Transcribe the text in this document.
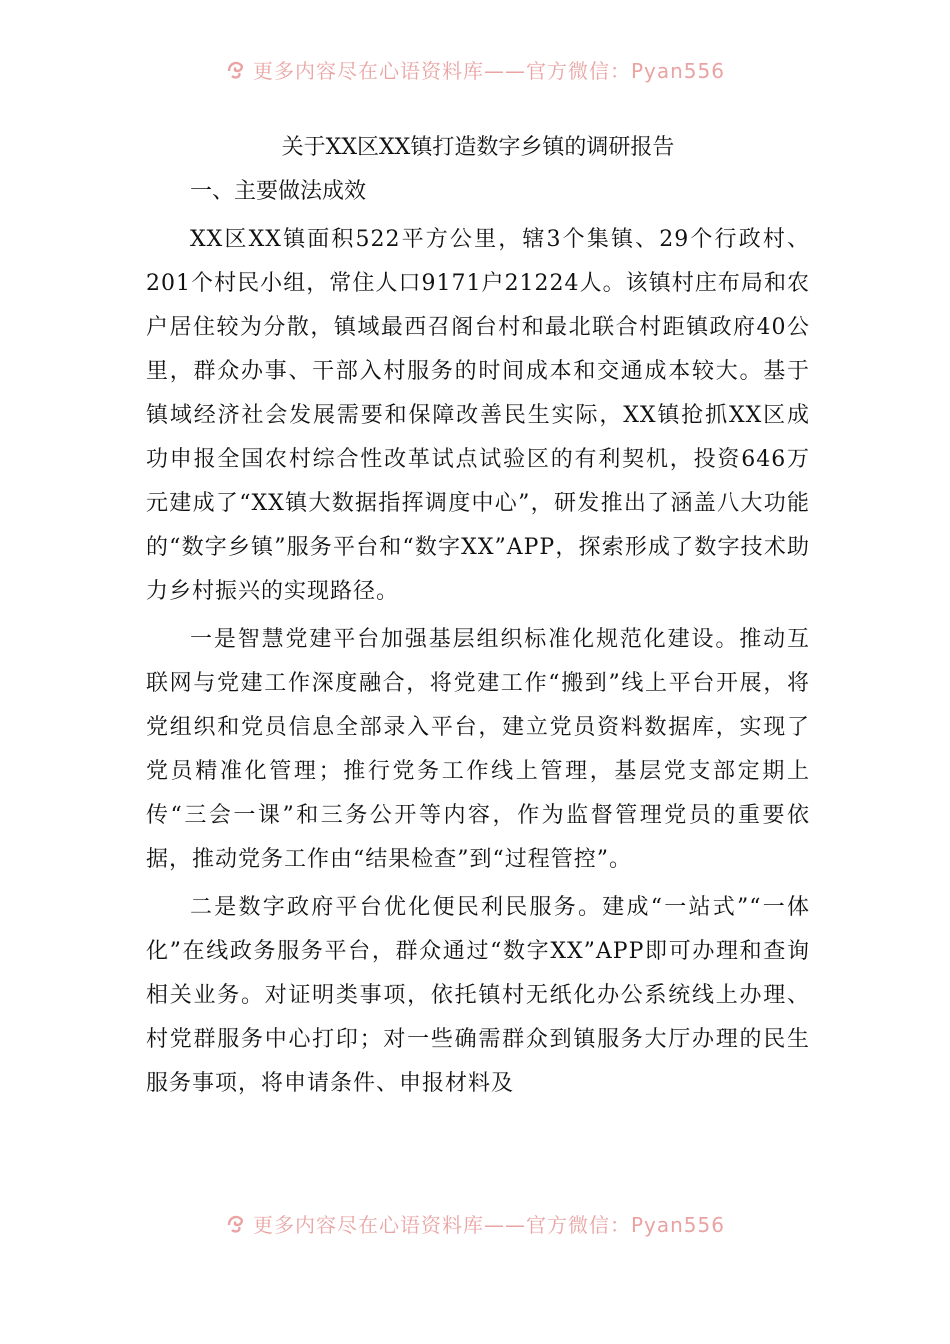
更多内容尽在心语资料库——官方微信：Pyan556
关于XX区XX镇打造数字乡镇的调研报告

一、主要做法成效

XX区XX镇面积522平方公里，辖3个集镇、29个行政村、201个村民小组，常住人口9171户21224人。该镇村庄布局和农户居住较为分散，镇域最西召阁台村和最北联合村距镇政府40公里，群众办事、干部入村服务的时间成本和交通成本较大。基于镇域经济社会发展需要和保障改善民生实际，XX镇抢抓XX区成功申报全国农村综合性改革试点试验区的有利契机，投资646万元建成了“XX镇大数据指挥调度中心”，研发推出了涵盖八大功能的“数字乡镇”服务平台和“数字XX”APP，探索形成了数字技术助力乡村振兴的实现路径。

一是智慧党建平台加强基层组织标准化规范化建设。推动互联网与党建工作深度融合，将党建工作“搬到”线上平台开展，将党组织和党员信息全部录入平台，建立党员资料数据库，实现了党员精准化管理；推行党务工作线上管理，基层党支部定期上传“三会一课”和三务公开等内容，作为监督管理党员的重要依据，推动党务工作由“结果检查”到“过程管控”。

二是数字政府平台优化便民利民服务。建成“一站式”“一体化”在线政务服务平台，群众通过“数字XX”APP即可办理和查询相关业务。对证明类事项，依托镇村无纸化办公系统线上办理、村党群服务中心打印；对一些确需群众到镇服务大厅办理的民生服务事项，将申请条件、申报材料及

更多内容尽在心语资料库——官方微信：Pyan556
